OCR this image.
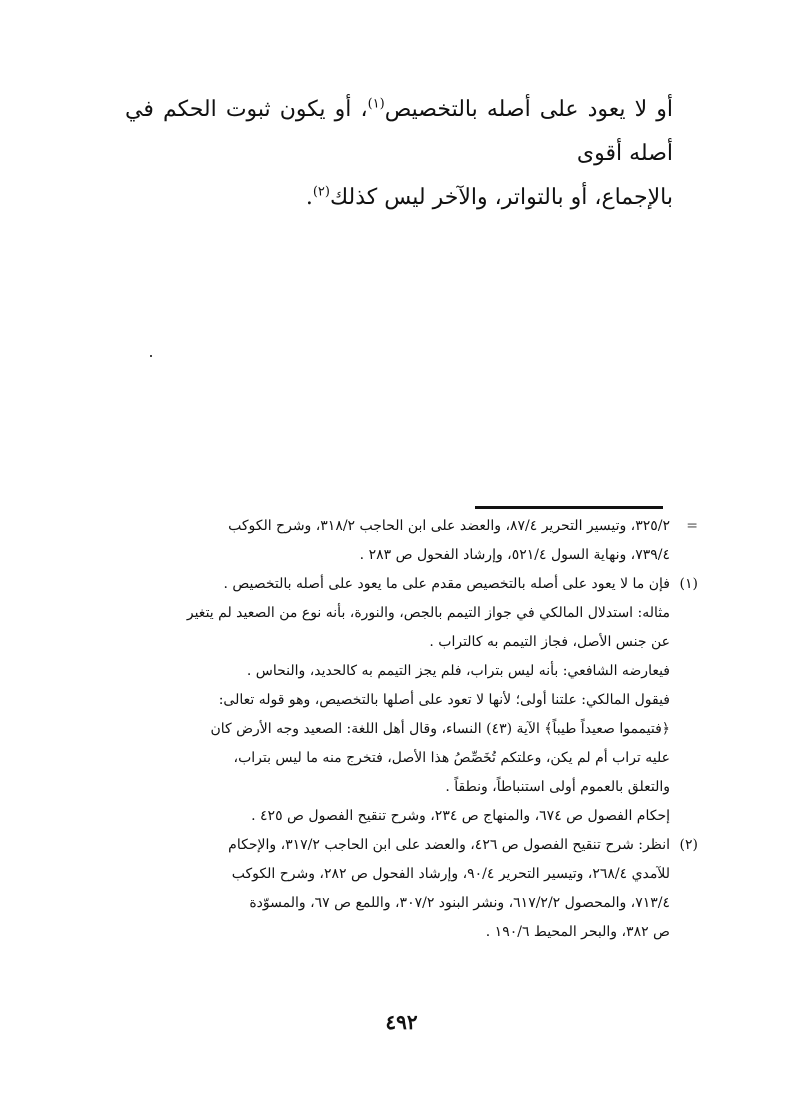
أو لا يعود على أصله بالتخصيص$^{(١)}$، أو يكون ثبوت الحكم في أصله أقوى

بالإجماع، أو بالتواتر، والآخر ليس كذلك$^{(٢)}$.

=٣٢٥/٢، وتيسير التحرير ٨٧/٤، والعضد على ابن الحاجب ٣١٨/٢، وشرح الكوكب

٧٣٩/٤، ونهاية السول ٥٢١/٤، وإرشاد الفحول ص ٢٨٣ .

(١)فإن ما لا يعود على أصله بالتخصيص مقدم على ما يعود على أصله بالتخصيص .

مثاله: استدلال المالكي في جواز التيمم بالجص، والنورة، بأنه نوع من الصعيد لم يتغير

عن جنس الأصل، فجاز التيمم به كالتراب .

فيعارضه الشافعي: بأنه ليس بتراب، فلم يجز التيمم به كالحديد، والنحاس .

فيقول المالكي: علتنا أولى؛ لأنها لا تعود على أصلها بالتخصيص، وهو قوله تعالى:

﴿فتيمموا صعيداً طيباً﴾ الآية (٤٣) النساء، وقال أهل اللغة: الصعيد وجه الأرض كان

عليه تراب أم لم يكن، وعلتكم تُخَصِّصُ هذا الأصل، فتخرج منه ما ليس بتراب،

والتعلق بالعموم أولى استنباطاً، ونطقاً .

إحكام الفصول ص ٦٧٤، والمنهاج ص ٢٣٤، وشرح تنقيح الفصول ص ٤٢٥ .

(٢)انظر: شرح تنقيح الفصول ص ٤٢٦، والعضد على ابن الحاجب ٣١٧/٢، والإحكام

للآمدي ٢٦٨/٤، وتيسير التحرير ٩٠/٤، وإرشاد الفحول ص ٢٨٢، وشرح الكوكب

٧١٣/٤، والمحصول ٦١٧/٢/٢، ونشر البنود ٣٠٧/٢، واللمع ص ٦٧، والمسوّدة

ص ٣٨٢، والبحر المحيط ١٩٠/٦ .

٤٩٢
